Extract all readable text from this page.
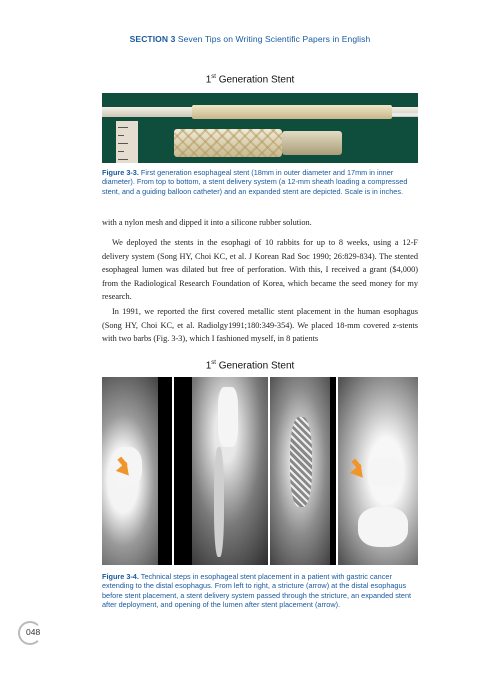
SECTION 3 Seven Tips on Writing Scientific Papers in English
1st Generation Stent
Figure 3-3. First generation esophageal stent (18mm in outer diameter and 17mm in inner diameter). From top to bottom, a stent delivery system (a 12-mm sheath loading a compressed stent, and a guiding balloon catheter) and an expanded stent are depicted. Scale is in inches.
with a nylon mesh and dipped it into a silicone rubber solution.
We deployed the stents in the esophagi of 10 rabbits for up to 8 weeks, using a 12-F delivery system (Song HY, Choi KC, et al. J Korean Rad Soc 1990; 26:829-834). The stented esophageal lumen was dilated but free of perforation. With this, I received a grant ($4,000) from the Radiological Research Foundation of Korea, which became the seed money for my research.
In 1991, we reported the first covered metallic stent placement in the human esophagus (Song HY, Choi KC, et al. Radiolgy1991;180:349-354). We placed 18-mm covered z-stents with two barbs (Fig. 3-3), which I fashioned myself, in 8 patients
1st Generation Stent
Figure 3-4. Technical steps in esophageal stent placement in a patient with gastric cancer extending to the distal esophagus. From left to right, a stricture (arrow) at the distal esophagus before stent placement, a stent delivery system passed through the stricture, an expanded stent after deployment, and opening of the lumen after stent placement (arrow).
048
